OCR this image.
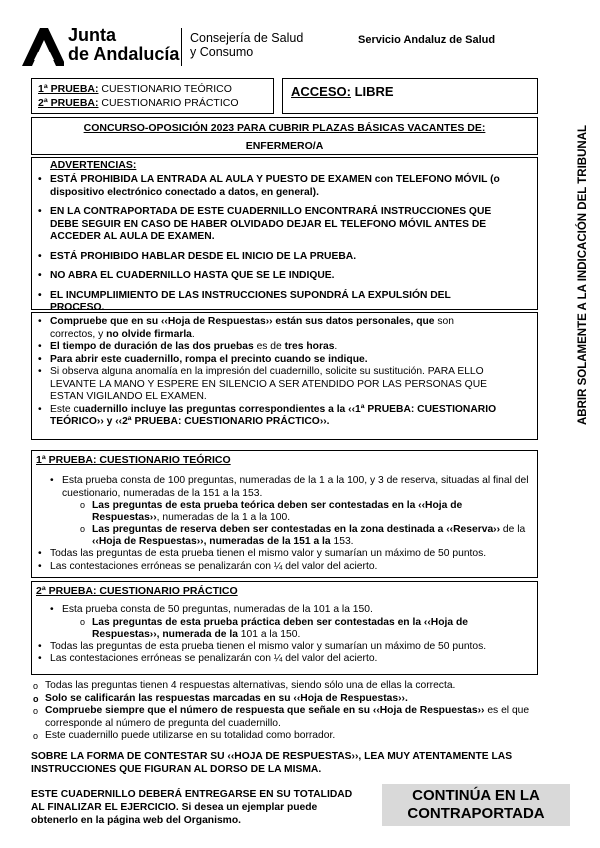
Junta
de Andalucía
Consejería de Salud
y Consumo
Servicio Andaluz de Salud
1ª PRUEBA: CUESTIONARIO TEÓRICO
2ª PRUEBA: CUESTIONARIO PRÁCTICO
ACCESO: LIBRE
CONCURSO-OPOSICIÓN 2023 PARA CUBRIR PLAZAS BÁSICAS VACANTES DE:
ENFERMERO/A	ABRIR SOLAMENTE A LA INDICACIÓN DEL TRIBUNAL
ADVERTENCIAS:
• ESTÁ PROHIBIDA LA ENTRADA AL AULA Y PUESTO DE EXAMEN con TELEFONO MÓVIL (o dispositivo electrónico conectado a datos, en general).
• EN LA CONTRAPORTADA DE ESTE CUADERNILLO ENCONTRARÁ INSTRUCCIONES QUE DEBE SEGUIR EN CASO DE HABER OLVIDADO DEJAR EL TELEFONO MÓVIL ANTES DE ACCEDER AL AULA DE EXAMEN.
• ESTÁ PROHIBIDO HABLAR DESDE EL INICIO DE LA PRUEBA.
• NO ABRA EL CUADERNILLO HASTA QUE SE LE INDIQUE.
• EL INCUMPLIIMIENTO DE LAS INSTRUCCIONES SUPONDRÁ LA EXPULSIÓN DEL PROCESO.
• Compruebe que en su ‹‹Hoja de Respuestas›› están sus datos personales, que son correctos, y no olvide firmarla.
• El tiempo de duración de las dos pruebas es de tres horas.
• Para abrir este cuadernillo, rompa el precinto cuando se indique.
• Si observa alguna anomalía en la impresión del cuadernillo, solicite su sustitución. PARA ELLO LEVANTE LA MANO Y ESPERE EN SILENCIO A SER ATENDIDO POR LAS PERSONAS QUE ESTAN VIGILANDO EL EXAMEN.
• Este cuadernillo incluye las preguntas correspondientes a la ‹‹1ª PRUEBA: CUESTIONARIO TEÓRICO›› y ‹‹2ª PRUEBA: CUESTIONARIO PRÁCTICO››.
1ª PRUEBA: CUESTIONARIO TEÓRICO
• Esta prueba consta de 100 preguntas, numeradas de la 1 a la 100, y 3 de reserva, situadas al final del cuestionario, numeradas de la 151 a la 153.
o Las preguntas de esta prueba teórica deben ser contestadas en la ‹‹Hoja de Respuestas››, numeradas de la 1 a la 100.
o Las preguntas de reserva deben ser contestadas en la zona destinada a ‹‹Reserva›› de la ‹‹Hoja de Respuestas››, numeradas de la 151 a la 153.
• Todas las preguntas de esta prueba tienen el mismo valor y sumarían un máximo de 50 puntos.
• Las contestaciones erróneas se penalizarán con ¼ del valor del acierto.
2ª PRUEBA: CUESTIONARIO PRÁCTICO
• Esta prueba consta de 50 preguntas, numeradas de la 101 a la 150.
o Las preguntas de esta prueba práctica deben ser contestadas en la ‹‹Hoja de Respuestas››, numerada de la 101 a la 150.
• Todas las preguntas de esta prueba tienen el mismo valor y sumarían un máximo de 50 puntos.
• Las contestaciones erróneas se penalizarán con ¼ del valor del acierto.
o Todas las preguntas tienen 4 respuestas alternativas, siendo sólo una de ellas la correcta.
o Solo se calificarán las respuestas marcadas en su ‹‹Hoja de Respuestas››.
o Compruebe siempre que el número de respuesta que señale en su ‹‹Hoja de Respuestas›› es el que corresponde al número de pregunta del cuadernillo.
o Este cuadernillo puede utilizarse en su totalidad como borrador.
SOBRE LA FORMA DE CONTESTAR SU ‹‹HOJA DE RESPUESTAS››, LEA MUY ATENTAMENTE LAS INSTRUCCIONES QUE FIGURAN AL DORSO DE LA MISMA.
ESTE CUADERNILLO DEBERÁ ENTREGARSE EN SU TOTALIDAD AL FINALIZAR EL EJERCICIO. Si desea un ejemplar puede obtenerlo en la página web del Organismo.
CONTINÚA EN LA
CONTRAPORTADA
